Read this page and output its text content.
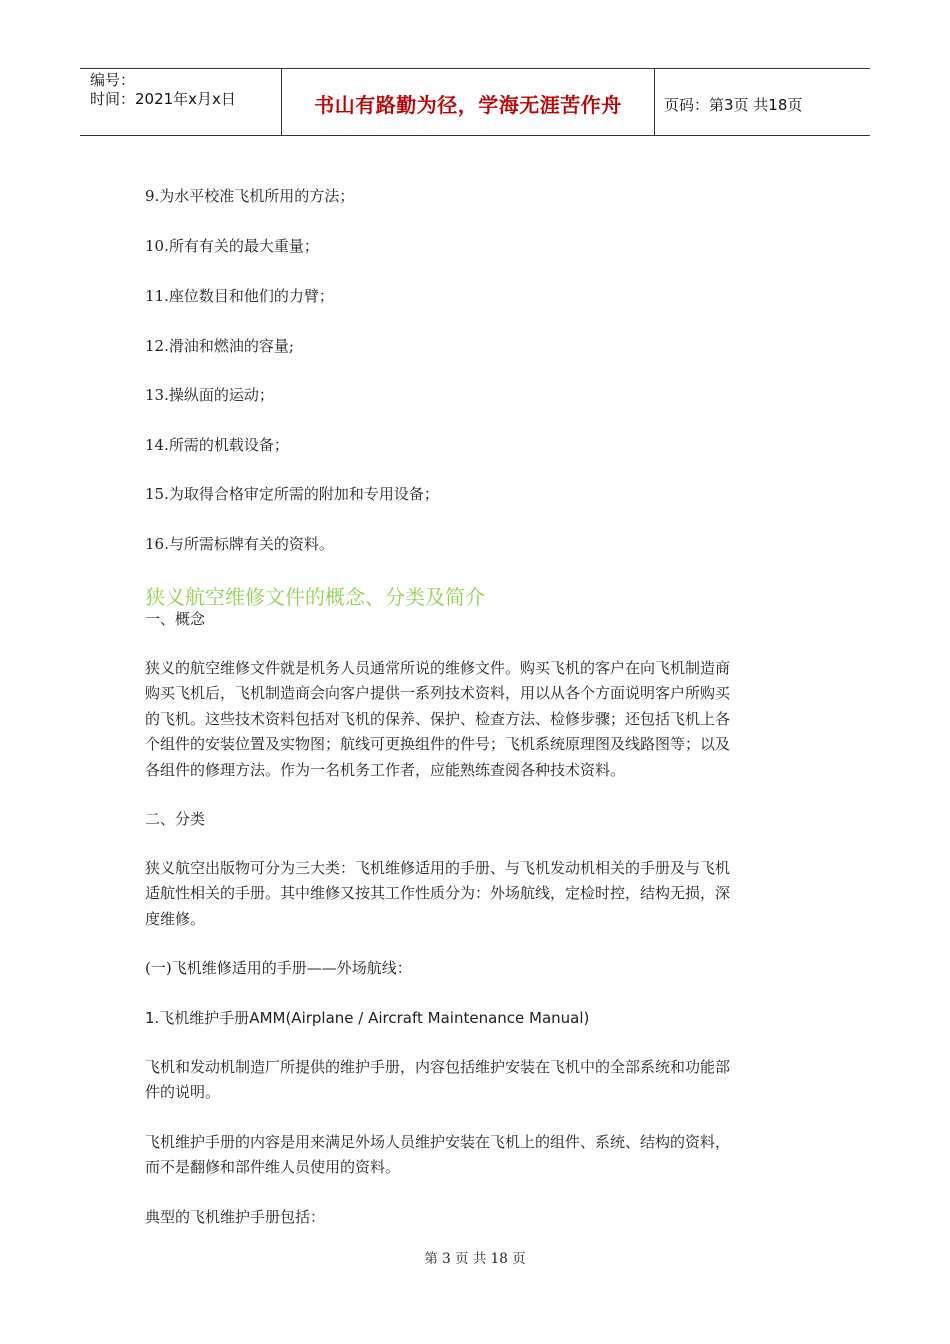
编号：
时间：2021年x月x日	书山有路勤为径，学海无涯苦作舟	页码：第3页 共18页
9.为水平校准飞机所用的方法；
10.所有有关的最大重量；
11.座位数目和他们的力臂；
12.滑油和燃油的容量;
13.操纵面的运动；
14.所需的机载设备；
15.为取得合格审定所需的附加和专用设备；
16.与所需标牌有关的资料。
狭义航空维修文件的概念、分类及简介
一、概念
狭义的航空维修文件就是机务人员通常所说的维修文件。购买飞机的客户在向飞机制造商
购买飞机后，飞机制造商会向客户提供一系列技术资料，用以从各个方面说明客户所购买
的飞机。这些技术资料包括对飞机的保养、保护、检查方法、检修步骤；还包括飞机上各
个组件的安装位置及实物图；航线可更换组件的件号；飞机系统原理图及线路图等；以及
各组件的修理方法。作为一名机务工作者，应能熟练查阅各种技术资料。
二、分类
狭义航空出版物可分为三大类：飞机维修适用的手册、与飞机发动机相关的手册及与飞机
适航性相关的手册。其中维修又按其工作性质分为：外场航线，定检时控，结构无损，深
度维修。
(一)飞机维修适用的手册——外场航线：
1.飞机维护手册AMM(Airplane / Aircraft Maintenance Manual)
飞机和发动机制造厂所提供的维护手册，内容包括维护安装在飞机中的全部系统和功能部
件的说明。
飞机维护手册的内容是用来满足外场人员维护安装在飞机上的组件、系统、结构的资料，
而不是翻修和部件维人员使用的资料。
典型的飞机维护手册包括：
第 3 页 共 18 页
